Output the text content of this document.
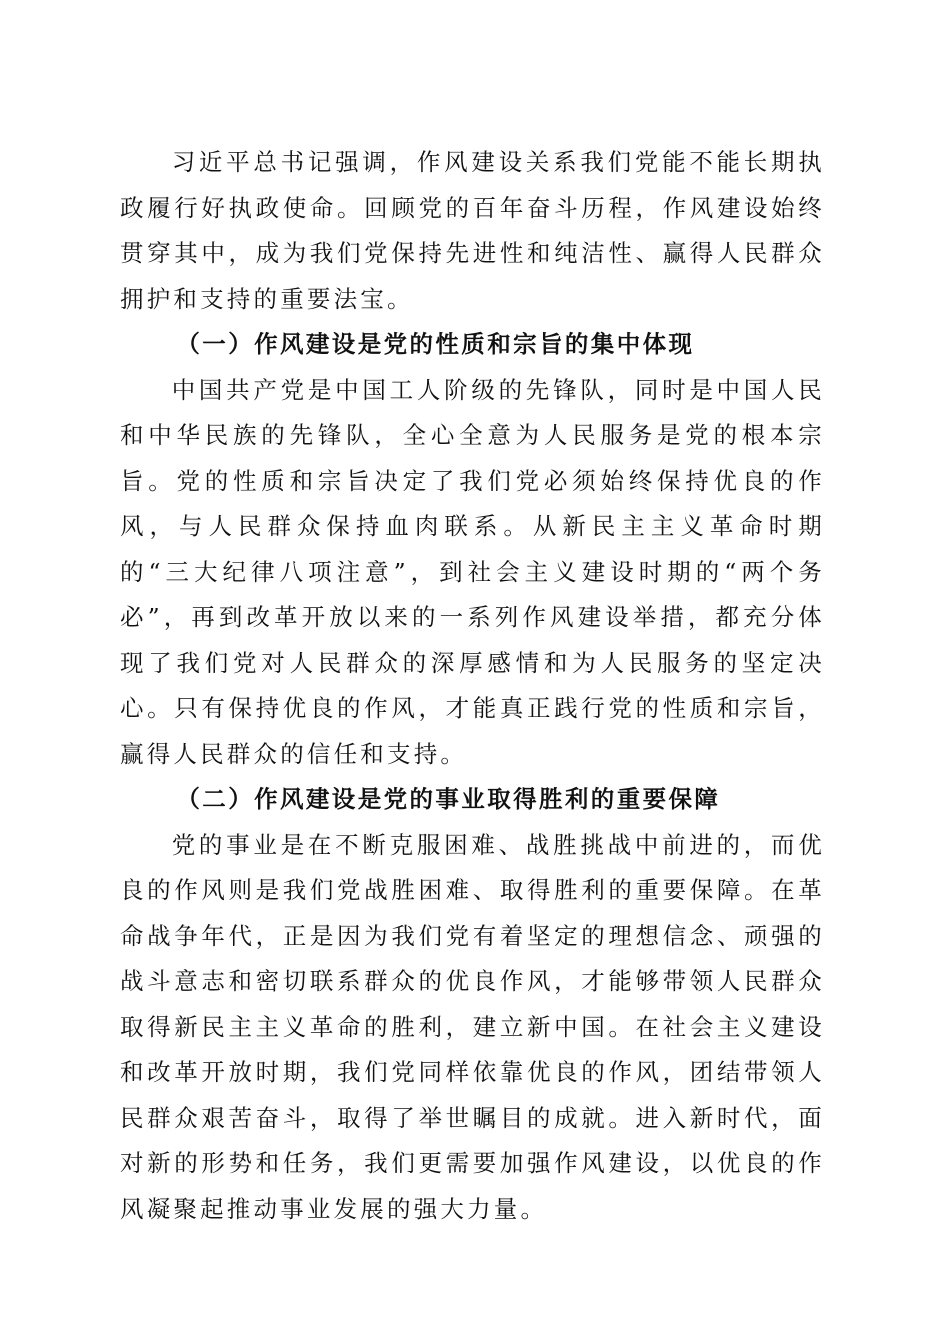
习近平总书记强调，作风建设关系我们党能不能长期执政履行好执政使命。回顾党的百年奋斗历程，作风建设始终贯穿其中，成为我们党保持先进性和纯洁性、赢得人民群众拥护和支持的重要法宝。

（一）作风建设是党的性质和宗旨的集中体现

中国共产党是中国工人阶级的先锋队，同时是中国人民和中华民族的先锋队，全心全意为人民服务是党的根本宗旨。党的性质和宗旨决定了我们党必须始终保持优良的作风，与人民群众保持血肉联系。从新民主主义革命时期的“三大纪律八项注意”，到社会主义建设时期的“两个务必”，再到改革开放以来的一系列作风建设举措，都充分体现了我们党对人民群众的深厚感情和为人民服务的坚定决心。只有保持优良的作风，才能真正践行党的性质和宗旨，赢得人民群众的信任和支持。

（二）作风建设是党的事业取得胜利的重要保障

党的事业是在不断克服困难、战胜挑战中前进的，而优良的作风则是我们党战胜困难、取得胜利的重要保障。在革命战争年代，正是因为我们党有着坚定的理想信念、顽强的战斗意志和密切联系群众的优良作风，才能够带领人民群众取得新民主主义革命的胜利，建立新中国。在社会主义建设和改革开放时期，我们党同样依靠优良的作风，团结带领人民群众艰苦奋斗，取得了举世瞩目的成就。进入新时代，面对新的形势和任务，我们更需要加强作风建设，以优良的作风凝聚起推动事业发展的强大力量。
